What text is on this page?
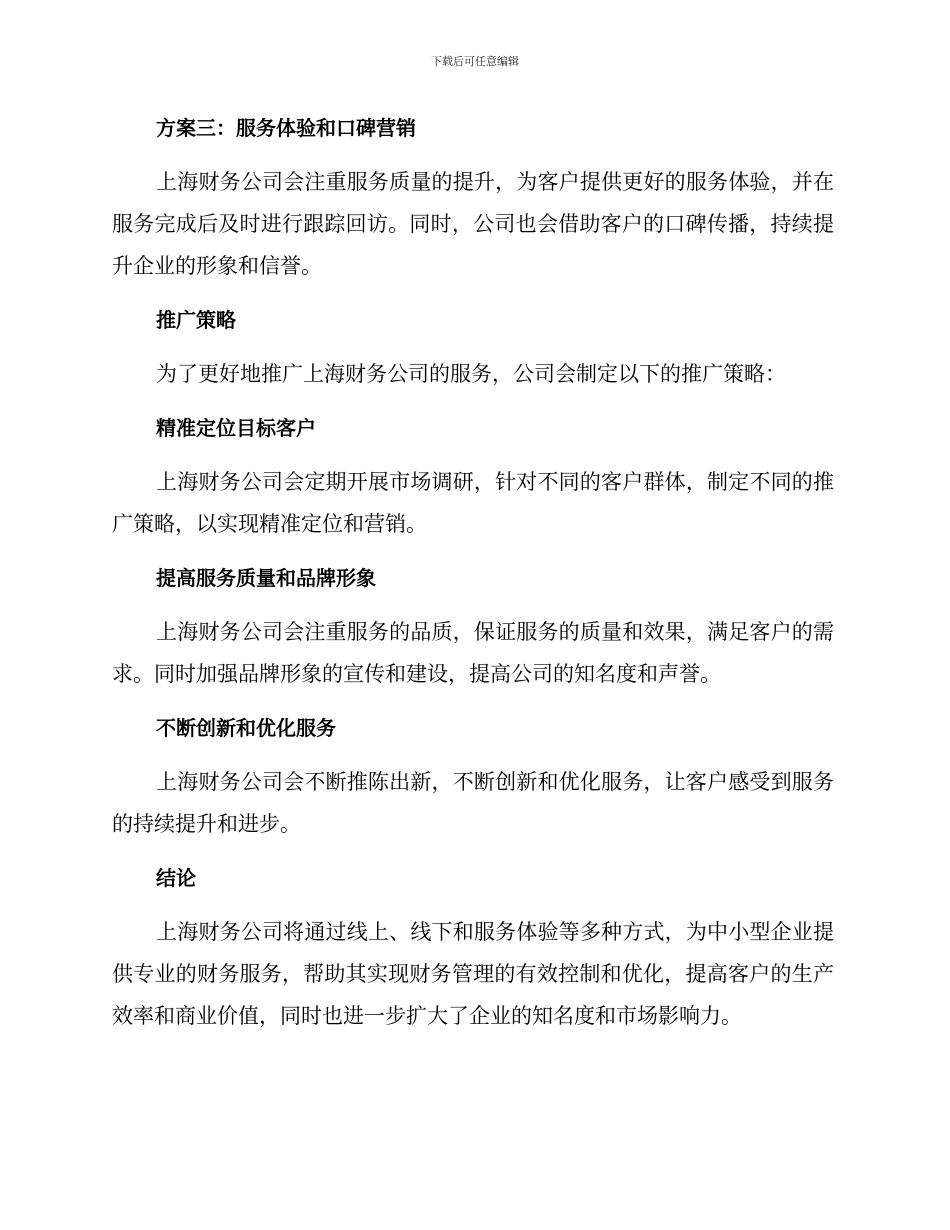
下载后可任意编辑
方案三：服务体验和口碑营销

上海财务公司会注重服务质量的提升，为客户提供更好的服务体验，并在服务完成后及时进行跟踪回访。同时，公司也会借助客户的口碑传播，持续提升企业的形象和信誉。

推广策略

为了更好地推广上海财务公司的服务，公司会制定以下的推广策略：

精准定位目标客户

上海财务公司会定期开展市场调研，针对不同的客户群体，制定不同的推广策略，以实现精准定位和营销。

提高服务质量和品牌形象

上海财务公司会注重服务的品质，保证服务的质量和效果，满足客户的需求。同时加强品牌形象的宣传和建设，提高公司的知名度和声誉。

不断创新和优化服务

上海财务公司会不断推陈出新，不断创新和优化服务，让客户感受到服务的持续提升和进步。

结论

上海财务公司将通过线上、线下和服务体验等多种方式，为中小型企业提供专业的财务服务，帮助其实现财务管理的有效控制和优化，提高客户的生产效率和商业价值，同时也进一步扩大了企业的知名度和市场影响力。
